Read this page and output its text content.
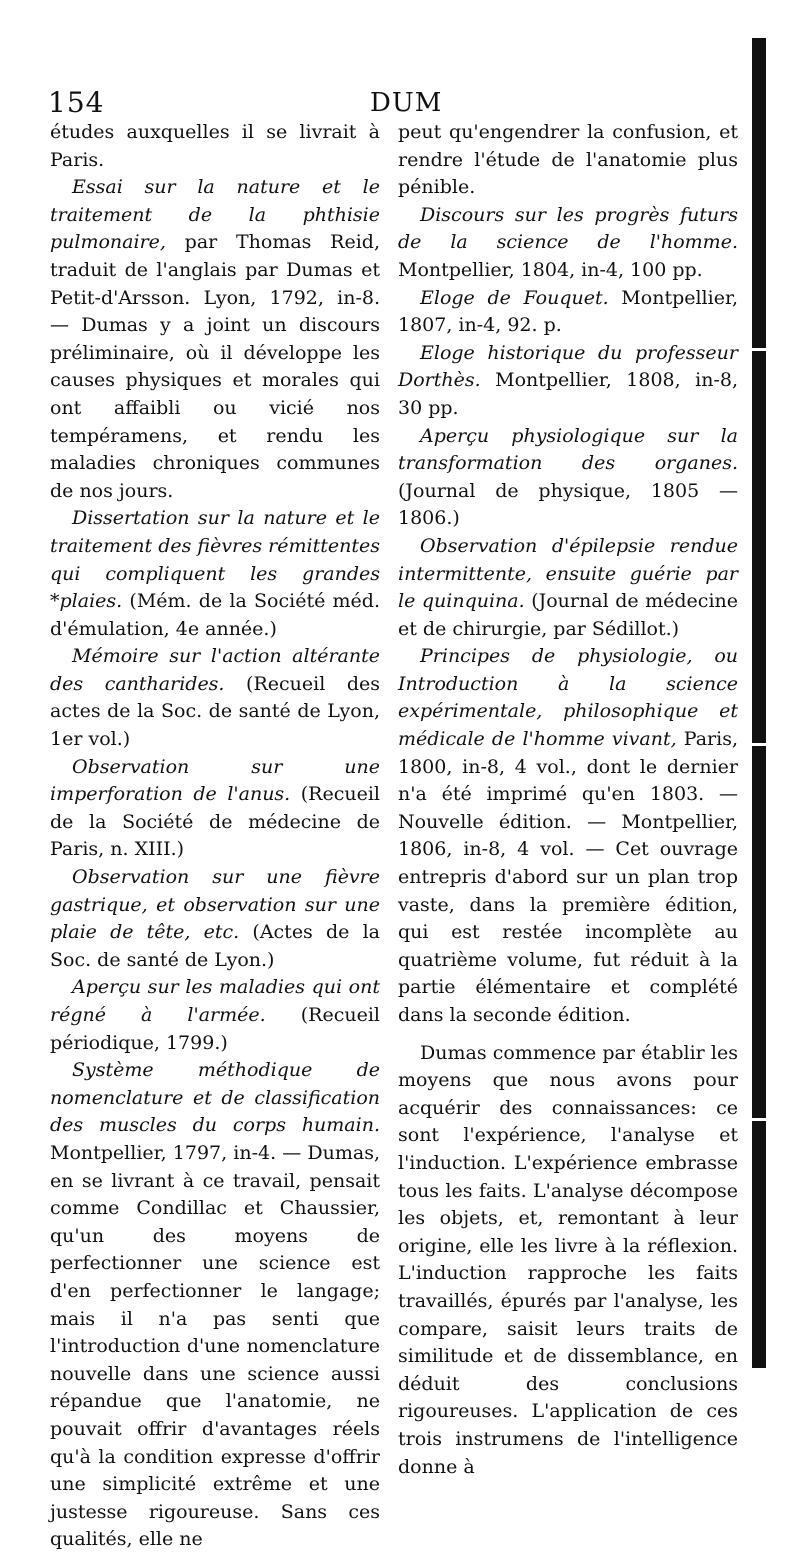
154	DUM

études auxquelles il se livrait à Paris.

Essai sur la nature et le traitement de la phthisie pulmonaire, par Thomas Reid, traduit de l'anglais par Dumas et Petit-d'Arsson. Lyon, 1792, in-8. — Dumas y a joint un discours préliminaire, où il développe les causes physiques et morales qui ont affaibli ou vicié nos tempéramens, et rendu les maladies chroniques communes de nos jours.

Dissertation sur la nature et le traitement des fièvres rémittentes qui compliquent les grandes *plaies. (Mém. de la Société méd. d'émulation, 4e année.)

Mémoire sur l'action altérante des cantharides. (Recueil des actes de la Soc. de santé de Lyon, 1er vol.)

Observation sur une imperforation de l'anus. (Recueil de la Société de médecine de Paris, n. XIII.)

Observation sur une fièvre gastrique, et observation sur une plaie de tête, etc. (Actes de la Soc. de santé de Lyon.)

Aperçu sur les maladies qui ont régné à l'armée. (Recueil périodique, 1799.)

Système méthodique de nomenclature et de classification des muscles du corps humain. Montpellier, 1797, in-4. — Dumas, en se livrant à ce travail, pensait comme Condillac et Chaussier, qu'un des moyens de perfectionner une science est d'en perfectionner le langage; mais il n'a pas senti que l'introduction d'une nomenclature nouvelle dans une science aussi répandue que l'anatomie, ne pouvait offrir d'avantages réels qu'à la condition expresse d'offrir une simplicité extrême et une justesse rigoureuse. Sans ces qualités, elle ne

peut qu'engendrer la confusion, et rendre l'étude de l'anatomie plus pénible.

Discours sur les progrès futurs de la science de l'homme. Montpellier, 1804, in-4, 100 pp.

Eloge de Fouquet. Montpellier, 1807, in-4, 92. p.

Eloge historique du professeur Dorthès. Montpellier, 1808, in-8, 30 pp.

Aperçu physiologique sur la transformation des organes. (Journal de physique, 1805 — 1806.)

Observation d'épilepsie rendue intermittente, ensuite guérie par le quinquina. (Journal de médecine et de chirurgie, par Sédillot.)

Principes de physiologie, ou Introduction à la science expérimentale, philosophique et médicale de l'homme vivant, Paris, 1800, in-8, 4 vol., dont le dernier n'a été imprimé qu'en 1803. — Nouvelle édition. — Montpellier, 1806, in-8, 4 vol. — Cet ouvrage entrepris d'abord sur un plan trop vaste, dans la première édition, qui est restée incomplète au quatrième volume, fut réduit à la partie élémentaire et complété dans la seconde édition.

Dumas commence par établir les moyens que nous avons pour acquérir des connaissances: ce sont l'expérience, l'analyse et l'induction. L'expérience embrasse tous les faits. L'analyse décompose les objets, et, remontant à leur origine, elle les livre à la réflexion. L'induction rapproche les faits travaillés, épurés par l'analyse, les compare, saisit leurs traits de similitude et de dissemblance, en déduit des conclusions rigoureuses. L'application de ces trois instrumens de l'intelligence donne à
